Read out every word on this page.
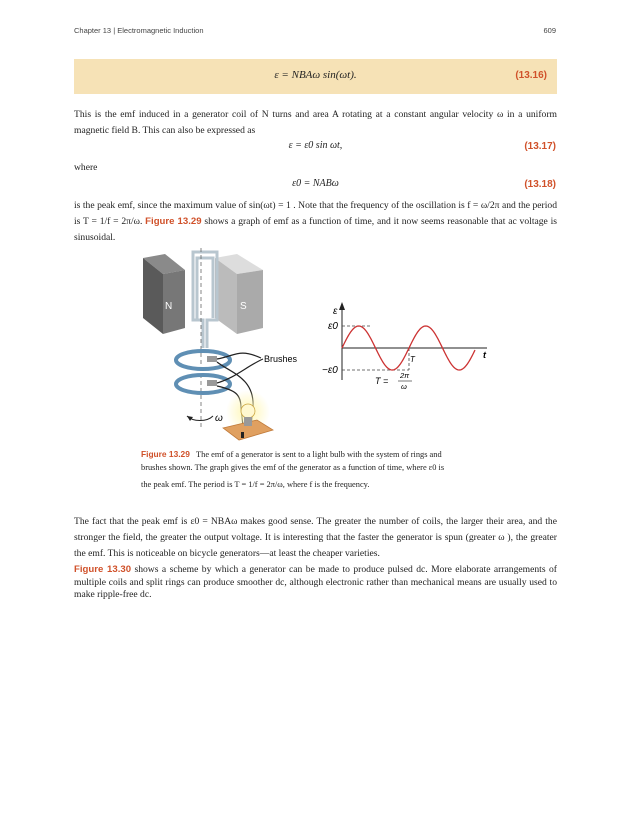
Chapter 13 | Electromagnetic Induction	609
ε = NBAω sin(ωt).	(13.16)
This is the emf induced in a generator coil of N turns and area A rotating at a constant angular velocity ω in a uniform magnetic field B. This can also be expressed as
ε = ε0 sin ωt,	(13.17)
where
ε0 = NABω	(13.18)
is the peak emf, since the maximum value of sin(ωt) = 1 . Note that the frequency of the oscillation is f = ω/2π and the period is T = 1/f = 2π/ω. Figure 13.29 shows a graph of emf as a function of time, and it now seems reasonable that ac voltage is sinusoidal.
N	S
Brushes
ω
ε
ε0
−ε0
t
T
T =
2π
ω
Figure 13.29 The emf of a generator is sent to a light bulb with the system of rings and
brushes shown. The graph gives the emf of the generator as a function of time, where ε0 is
the peak emf. The period is T = 1/f = 2π/ω, where f is the frequency.
The fact that the peak emf is ε0 = NBAω makes good sense. The greater the number of coils, the larger their area, and the stronger the field, the greater the output voltage. It is interesting that the faster the generator is spun (greater ω ), the greater the emf. This is noticeable on bicycle generators—at least the cheaper varieties.
Figure 13.30 shows a scheme by which a generator can be made to produce pulsed dc. More elaborate arrangements of multiple coils and split rings can produce smoother dc, although electronic rather than mechanical means are usually used to make ripple-free dc.
